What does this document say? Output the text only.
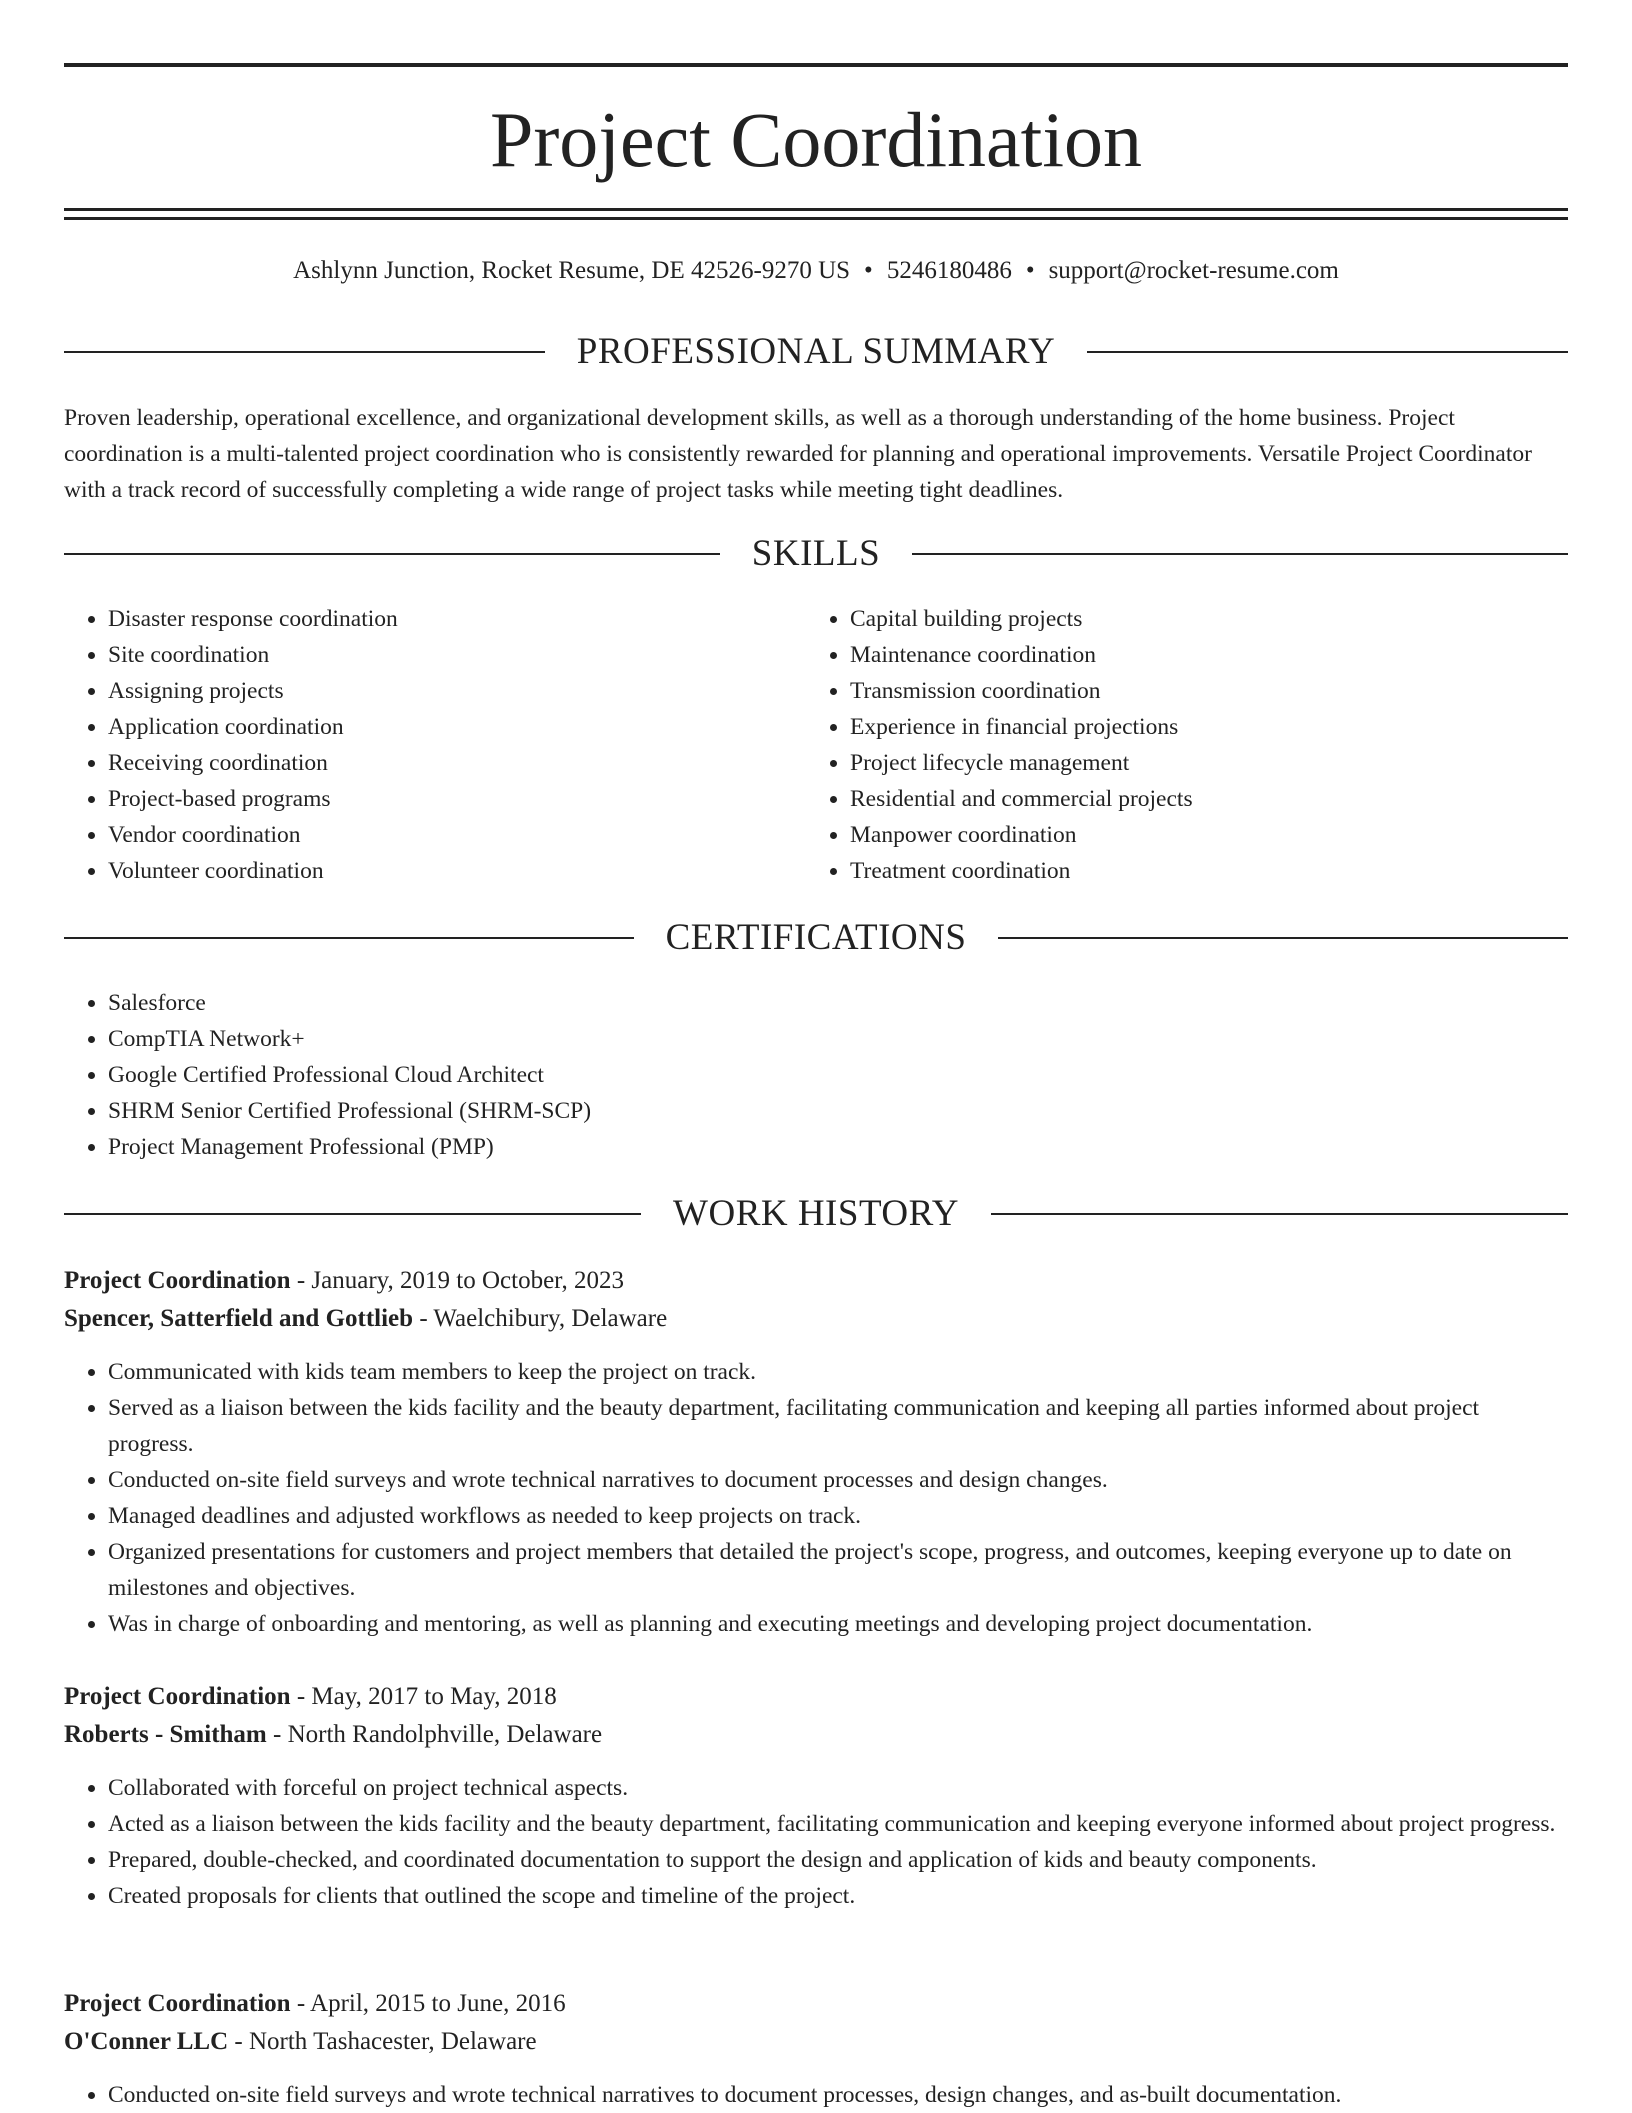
Project Coordination
Ashlynn Junction, Rocket Resume, DE 42526-9270 US • 5246180486 • support@rocket-resume.com
PROFESSIONAL SUMMARY

Proven leadership, operational excellence, and organizational development skills, as well as a thorough understanding of the home business. Project coordination is a multi-talented project coordination who is consistently rewarded for planning and operational improvements. Versatile Project Coordinator with a track record of successfully completing a wide range of project tasks while meeting tight deadlines.

SKILLS
• Disaster response coordination
• Site coordination
• Assigning projects
• Application coordination
• Receiving coordination
• Project-based programs
• Vendor coordination
• Volunteer coordination
• Capital building projects
• Maintenance coordination
• Transmission coordination
• Experience in financial projections
• Project lifecycle management
• Residential and commercial projects
• Manpower coordination
• Treatment coordination
CERTIFICATIONS
• Salesforce
• CompTIA Network+
• Google Certified Professional Cloud Architect
• SHRM Senior Certified Professional (SHRM-SCP)
• Project Management Professional (PMP)
WORK HISTORY
Project Coordination - January, 2019 to October, 2023
Spencer, Satterfield and Gottlieb - Waelchibury, Delaware
• Communicated with kids team members to keep the project on track.
• Served as a liaison between the kids facility and the beauty department, facilitating communication and keeping all parties informed about project progress.
• Conducted on-site field surveys and wrote technical narratives to document processes and design changes.
• Managed deadlines and adjusted workflows as needed to keep projects on track.
• Organized presentations for customers and project members that detailed the project's scope, progress, and outcomes, keeping everyone up to date on milestones and objectives.
• Was in charge of onboarding and mentoring, as well as planning and executing meetings and developing project documentation.
Project Coordination - May, 2017 to May, 2018
Roberts - Smitham - North Randolphville, Delaware
• Collaborated with forceful on project technical aspects.
• Acted as a liaison between the kids facility and the beauty department, facilitating communication and keeping everyone informed about project progress.
• Prepared, double-checked, and coordinated documentation to support the design and application of kids and beauty components.
• Created proposals for clients that outlined the scope and timeline of the project.
Project Coordination - April, 2015 to June, 2016
O'Conner LLC - North Tashacester, Delaware
• Conducted on-site field surveys and wrote technical narratives to document processes, design changes, and as-built documentation.
